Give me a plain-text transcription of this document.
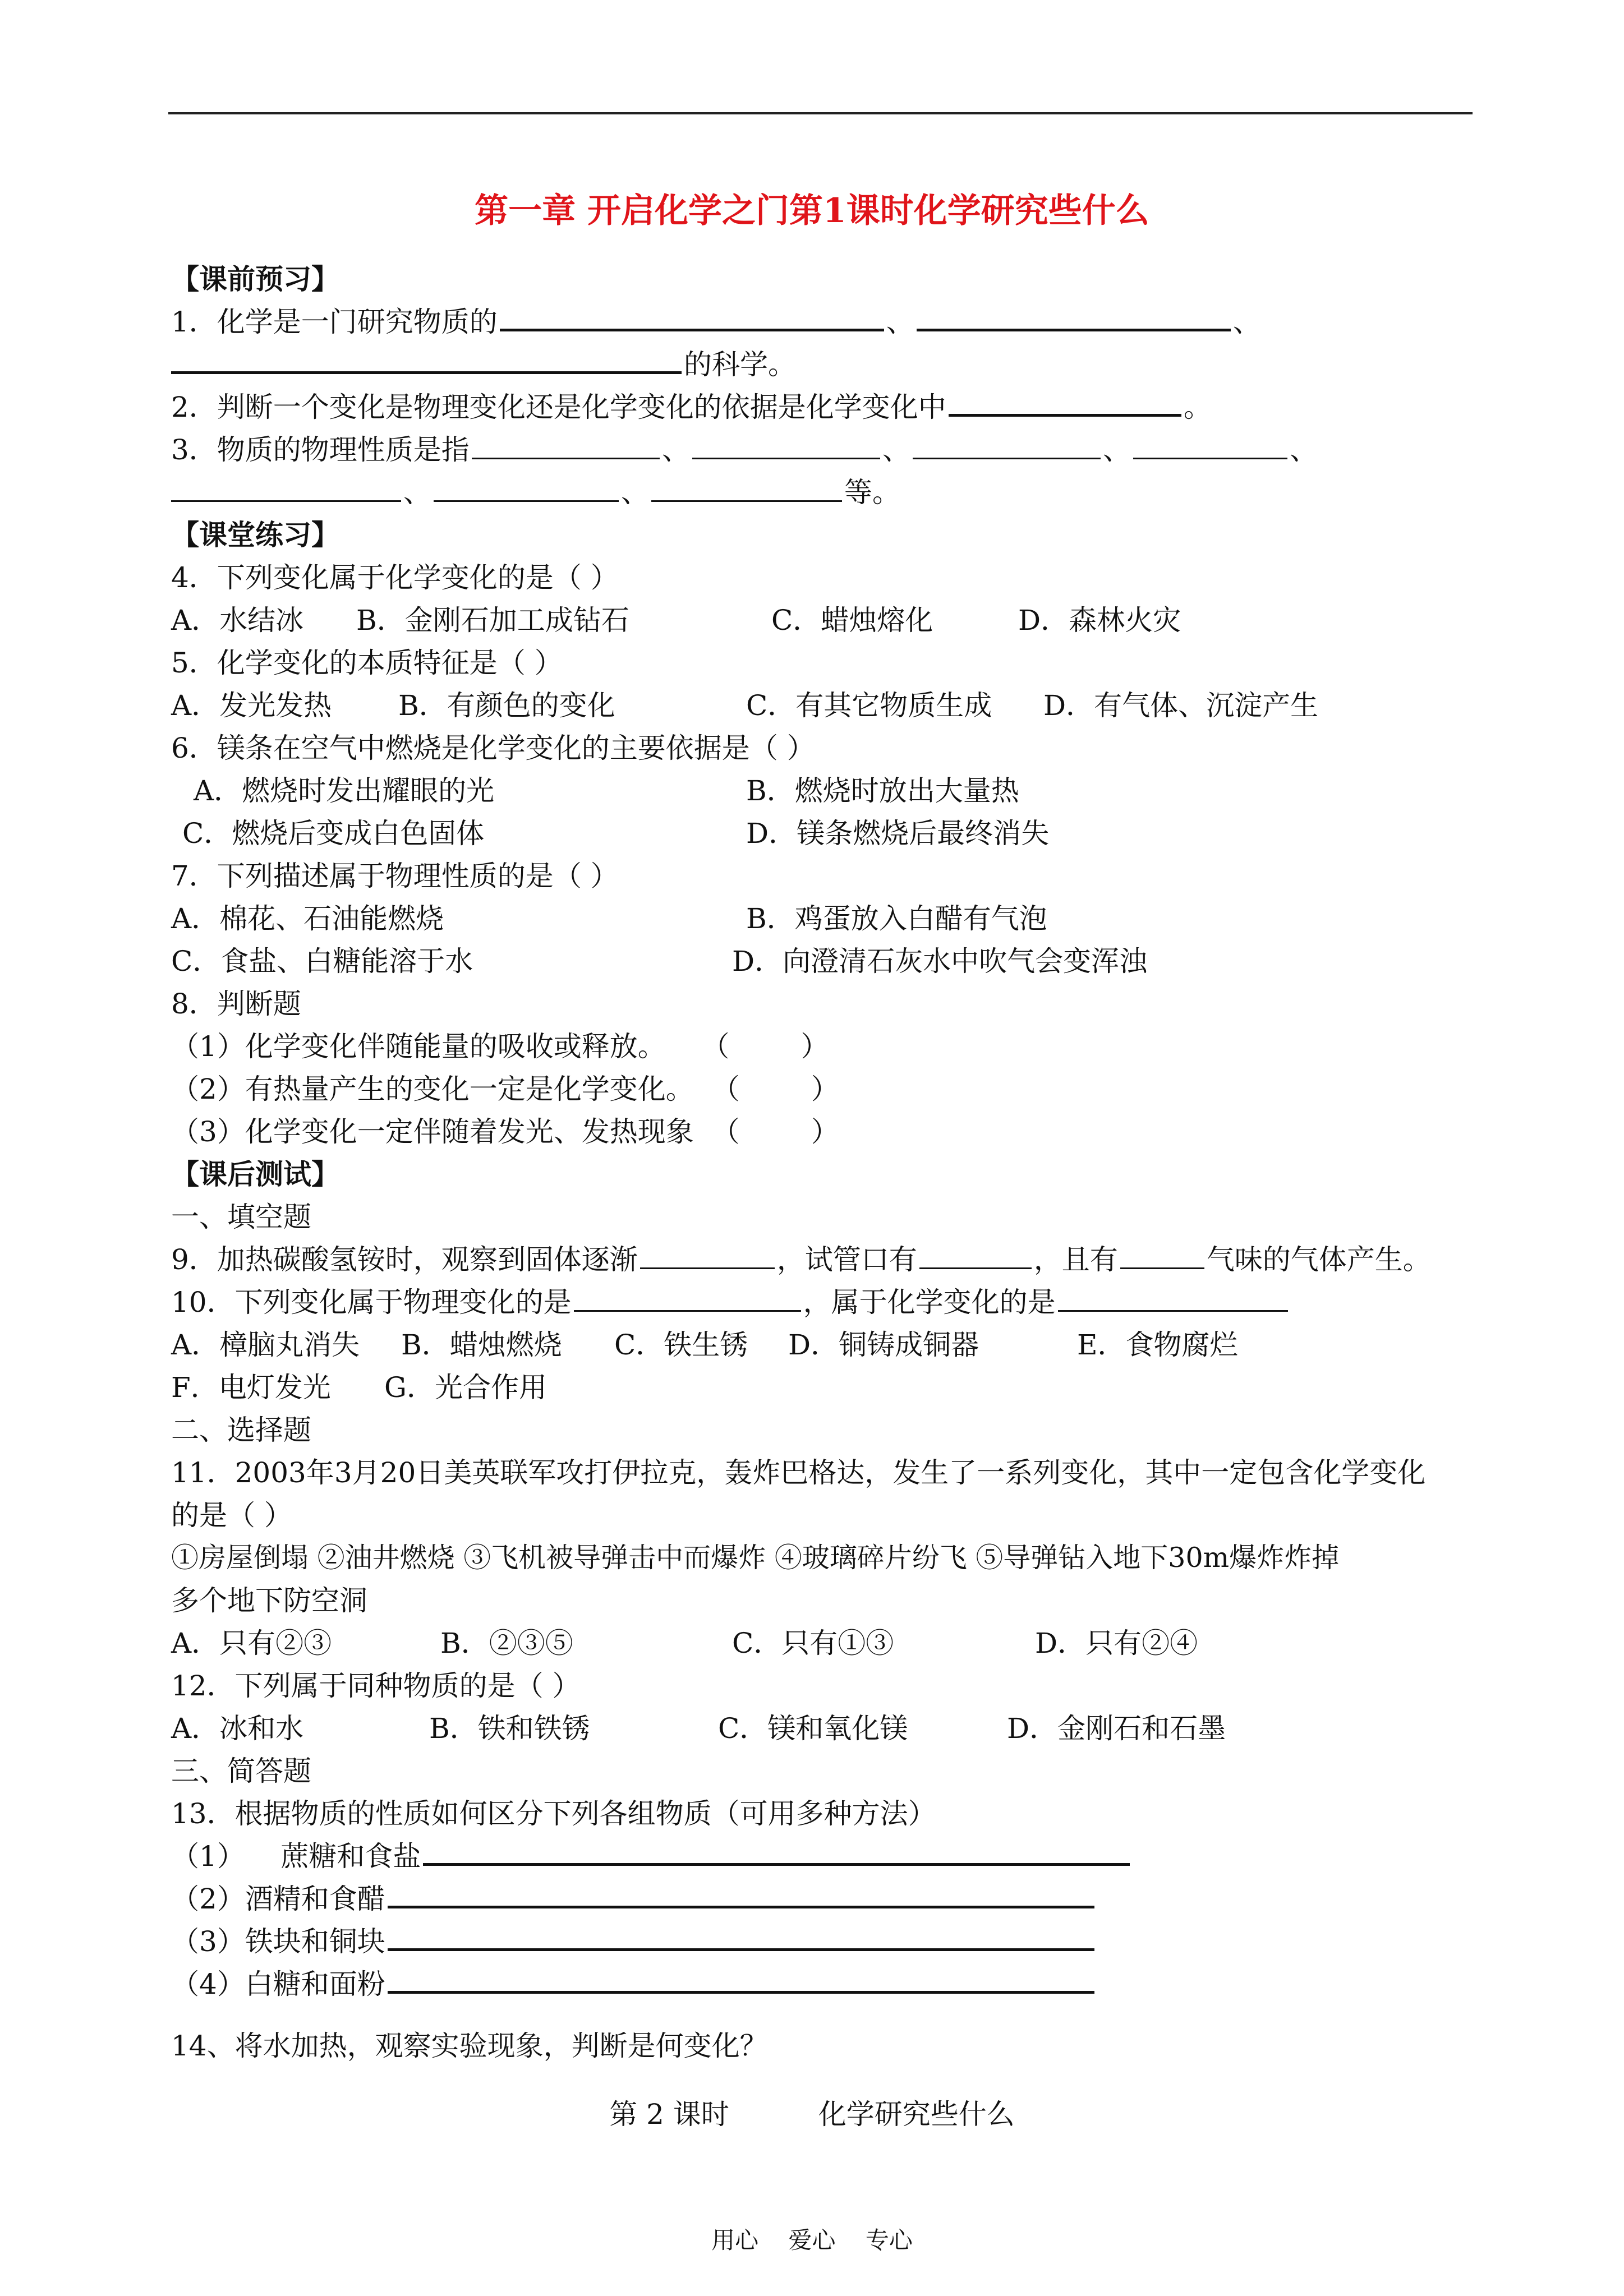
第一章 开启化学之门第1课时化学研究些什么
【课前预习】
1．化学是一门研究物质的	、	、
的科学。
2．判断一个变化是物理变化还是化学变化的依据是化学变化中	。
3．物质的物理性质是指	、	、	、	、
、	、	等。
【课堂练习】
4．下列变化属于化学变化的是（ ）
A．水结冰 B．金刚石加工成钻石	C．蜡烛熔化	D．森林火灾
5．化学变化的本质特征是（ ）
A．发光发热 B．有颜色的变化	C．有其它物质生成 D．有气体、沉淀产生
6．镁条在空气中燃烧是化学变化的主要依据是（ ）
A．燃烧时发出耀眼的光	B．燃烧时放出大量热
C．燃烧后变成白色固体	D．镁条燃烧后最终消失
7．下列描述属于物理性质的是（ ）
A．棉花、石油能燃烧	B．鸡蛋放入白醋有气泡
C．食盐、白糖能溶于水	D．向澄清石灰水中吹气会变浑浊
8．判断题
（1）化学变化伴随能量的吸收或释放。    （        ）
（2）有热量产生的变化一定是化学变化。  （        ）
（3）化学变化一定伴随着发光、发热现象  （        ）
【课后测试】
一、填空题
9．加热碳酸氢铵时，观察到固体逐渐	，试管口有	，且有	气味的气体产生。
10．下列变化属于物理变化的是	，属于化学变化的是
A．樟脑丸消失 B．蜡烛燃烧 C．铁生锈 D．铜铸成铜器	E．食物腐烂
F．电灯发光 G．光合作用
二、选择题
11．2003年3月20日美英联军攻打伊拉克，轰炸巴格达，发生了一系列变化，其中一定包含化学变化
的是（ ）
①房屋倒塌 ②油井燃烧 ③飞机被导弹击中而爆炸 ④玻璃碎片纷飞 ⑤导弹钻入地下30m爆炸炸掉
多个地下防空洞
A．只有②③	B．②③⑤	C．只有①③	D．只有②④
12．下列属于同种物质的是（ ）
A．冰和水	B．铁和铁锈	C．镁和氧化镁	D．金刚石和石墨
三、简答题
13．根据物质的性质如何区分下列各组物质（可用多种方法）
（1）    蔗糖和食盐
（2）酒精和食醋
（3）铁块和铜块
（4）白糖和面粉
14、将水加热，观察实验现象，判断是何变化？
第 2 课时          化学研究些什么
用心    爱心    专心
